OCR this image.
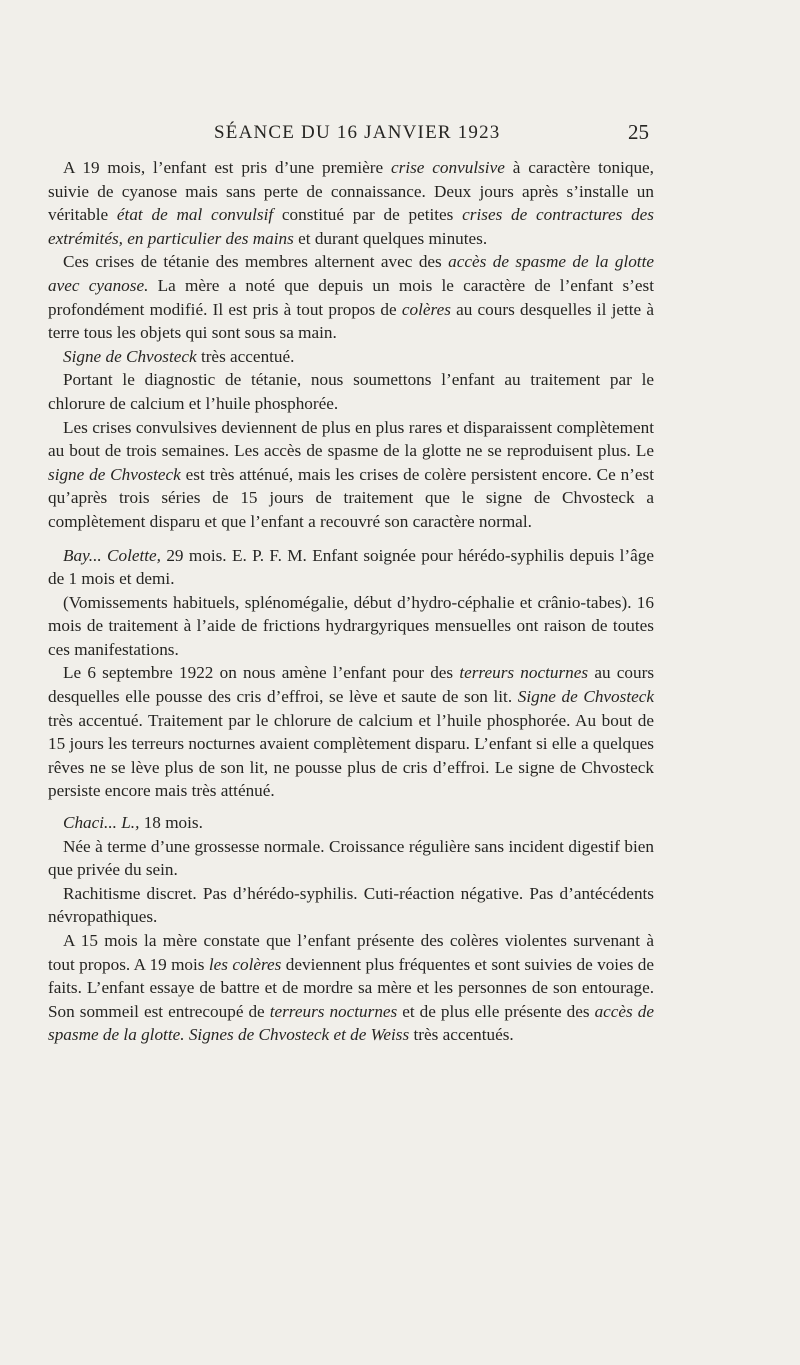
SÉANCE DU 16 JANVIER 1923	25

A 19 mois, l’enfant est pris d’une première crise convulsive à caractère tonique, suivie de cyanose mais sans perte de connaissance. Deux jours après s’installe un véritable état de mal convulsif constitué par de petites crises de contractures des extrémités, en particulier des mains et durant quelques minutes.

Ces crises de tétanie des membres alternent avec des accès de spasme de la glotte avec cyanose. La mère a noté que depuis un mois le caractère de l’enfant s’est profondément modifié. Il est pris à tout propos de colères au cours desquelles il jette à terre tous les objets qui sont sous sa main.

Signe de Chvosteck très accentué.

Portant le diagnostic de tétanie, nous soumettons l’enfant au traitement par le chlorure de calcium et l’huile phosphorée.

Les crises convulsives deviennent de plus en plus rares et disparaissent complètement au bout de trois semaines. Les accès de spasme de la glotte ne se reproduisent plus. Le signe de Chvosteck est très atténué, mais les crises de colère persistent encore. Ce n’est qu’après trois séries de 15 jours de traitement que le signe de Chvosteck a complètement disparu et que l’enfant a recouvré son caractère normal.

Bay... Colette, 29 mois. E. P. F. M. Enfant soignée pour hérédo-syphilis depuis l’âge de 1 mois et demi.

(Vomissements habituels, splénomégalie, début d’hydro-céphalie et crânio-tabes). 16 mois de traitement à l’aide de frictions hydrargyriques mensuelles ont raison de toutes ces manifestations.

Le 6 septembre 1922 on nous amène l’enfant pour des terreurs nocturnes au cours desquelles elle pousse des cris d’effroi, se lève et saute de son lit. Signe de Chvosteck très accentué. Traitement par le chlorure de calcium et l’huile phosphorée. Au bout de 15 jours les terreurs nocturnes avaient complètement disparu. L’enfant si elle a quelques rêves ne se lève plus de son lit, ne pousse plus de cris d’effroi. Le signe de Chvosteck persiste encore mais très atténué.

Chaci... L., 18 mois.

Née à terme d’une grossesse normale. Croissance régulière sans incident digestif bien que privée du sein.

Rachitisme discret. Pas d’hérédo-syphilis. Cuti-réaction négative. Pas d’antécédents névropathiques.

A 15 mois la mère constate que l’enfant présente des colères violentes survenant à tout propos. A 19 mois les colères deviennent plus fréquentes et sont suivies de voies de faits. L’enfant essaye de battre et de mordre sa mère et les personnes de son entourage. Son sommeil est entrecoupé de terreurs nocturnes et de plus elle présente des accès de spasme de la glotte. Signes de Chvosteck et de Weiss très accentués.
